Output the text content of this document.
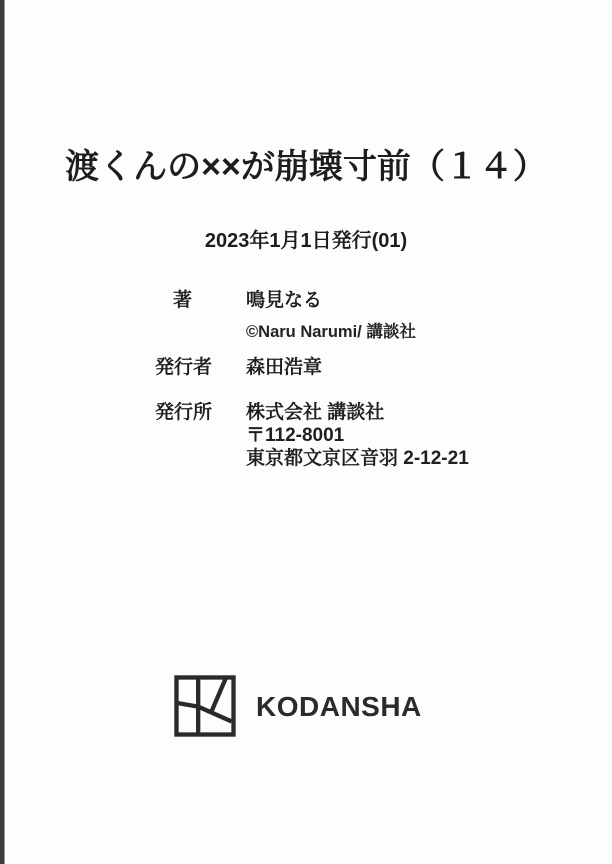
渡くんの××が崩壊寸前（１４）
2023年1月1日発行(01)
著	鳴見なる
©Naru Narumi/ 講談社
発行者	森田浩章
発行所	株式会社 講談社
〒112-8001
東京都文京区音羽 2-12-21
KODANSHA
